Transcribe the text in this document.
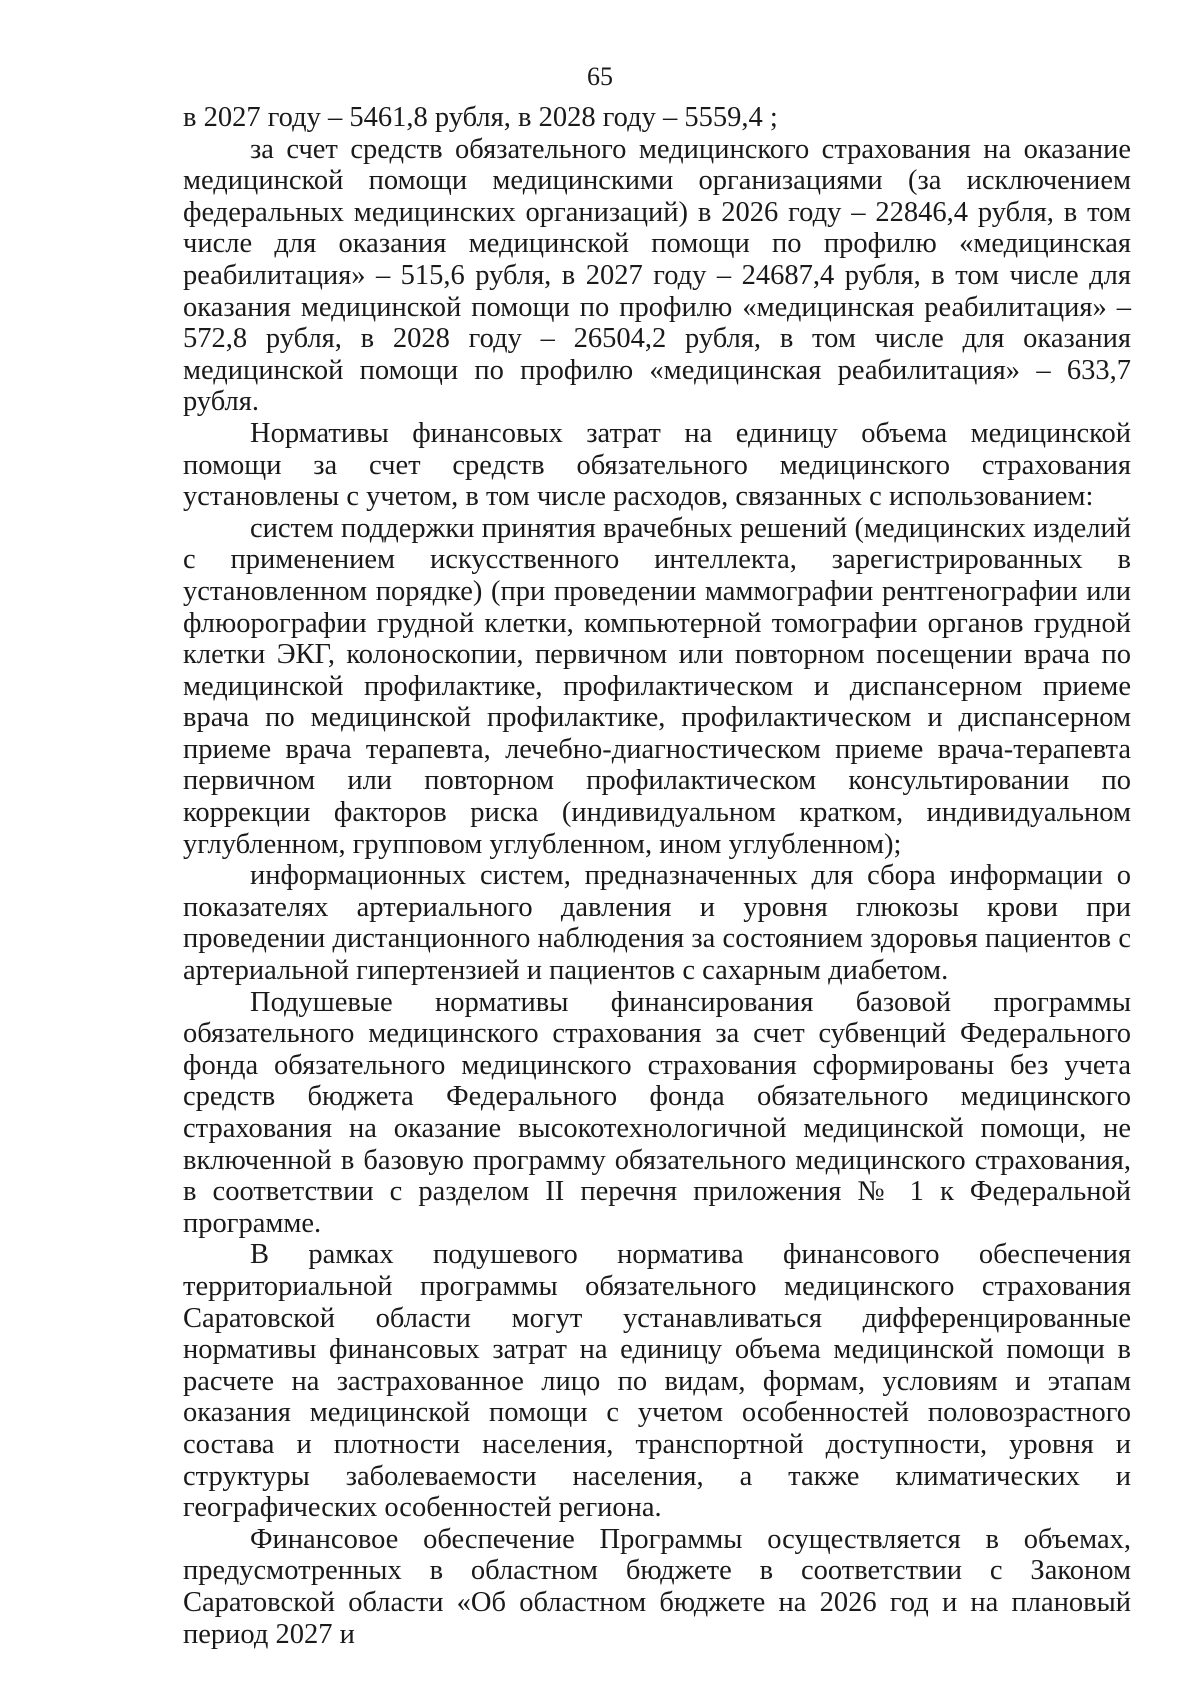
65

в 2027 году – 5461,8 рубля, в 2028 году – 5559,4 ;

за счет средств обязательного медицинского страхования на оказание медицинской помощи медицинскими организациями (за исключением федеральных медицинских организаций) в 2026 году – 22846,4 рубля, в том числе для оказания медицинской помощи по профилю «медицинская реабилитация» – 515,6 рубля, в 2027 году – 24687,4 рубля, в том числе для оказания медицинской помощи по профилю «медицинская реабилитация» – 572,8 рубля, в 2028 году – 26504,2 рубля, в том числе для оказания медицинской помощи по профилю «медицинская реабилитация» – 633,7 рубля.

Нормативы финансовых затрат на единицу объема медицинской помощи за счет средств обязательного медицинского страхования установлены с учетом, в том числе расходов, связанных с использованием:

систем поддержки принятия врачебных решений (медицинских изделий с применением искусственного интеллекта, зарегистрированных в установленном порядке) (при проведении маммографии рентгенографии или флюорографии грудной клетки, компьютерной томографии органов грудной клетки ЭКГ, колоноскопии, первичном или повторном посещении врача по медицинской профилактике, профилактическом и диспансерном приеме врача по медицинской профилактике, профилактическом и диспансерном приеме врача терапевта, лечебно-диагностическом приеме врача-терапевта первичном или повторном профилактическом консультировании по коррекции факторов риска (индивидуальном кратком, индивидуальном углубленном, групповом углубленном, ином углубленном);

информационных систем, предназначенных для сбора информации о показателях артериального давления и уровня глюкозы крови при проведении дистанционного наблюдения за состоянием здоровья пациентов с артериальной гипертензией и пациентов с сахарным диабетом.

Подушевые нормативы финансирования базовой программы обязательного медицинского страхования за счет субвенций Федерального фонда обязательного медицинского страхования сформированы без учета средств бюджета Федерального фонда обязательного медицинского страхования на оказание высокотехнологичной медицинской помощи, не включенной в базовую программу обязательного медицинского страхования, в соответствии с разделом II перечня приложения № 1 к Федеральной программе.

В рамках подушевого норматива финансового обеспечения территориальной программы обязательного медицинского страхования Саратовской области могут устанавливаться дифференцированные нормативы финансовых затрат на единицу объема медицинской помощи в расчете на застрахованное лицо по видам, формам, условиям и этапам оказания медицинской помощи с учетом особенностей половозрастного состава и плотности населения, транспортной доступности, уровня и структуры заболеваемости населения, а также климатических и географических особенностей региона.

Финансовое обеспечение Программы осуществляется в объемах, предусмотренных в областном бюджете в соответствии с Законом Саратовской области «Об областном бюджете на 2026 год и на плановый период 2027 и
